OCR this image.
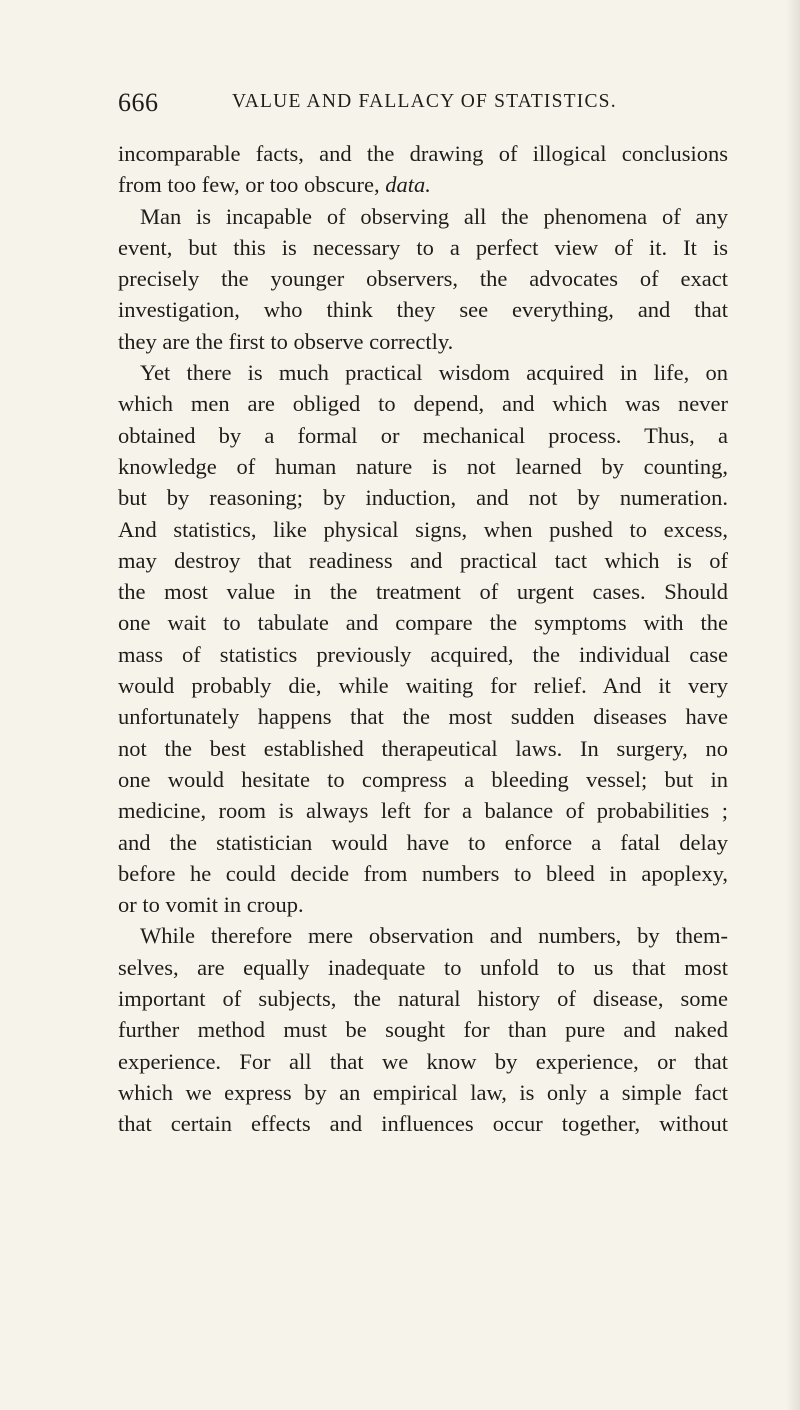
666	VALUE AND FALLACY OF STATISTICS.
incomparable facts, and the drawing of illogical conclusions
from too few, or too obscure, data.
Man is incapable of observing all the phenomena of any
event, but this is necessary to a perfect view of it. It is
precisely the younger observers, the advocates of exact
investigation, who think they see everything, and that
they are the first to observe correctly.
Yet there is much practical wisdom acquired in life, on
which men are obliged to depend, and which was never
obtained by a formal or mechanical process. Thus, a
knowledge of human nature is not learned by counting,
but by reasoning; by induction, and not by numeration.
And statistics, like physical signs, when pushed to excess,
may destroy that readiness and practical tact which is of
the most value in the treatment of urgent cases. Should
one wait to tabulate and compare the symptoms with the
mass of statistics previously acquired, the individual case
would probably die, while waiting for relief. And it very
unfortunately happens that the most sudden diseases have
not the best established therapeutical laws. In surgery, no
one would hesitate to compress a bleeding vessel; but in
medicine, room is always left for a balance of probabilities ;
and the statistician would have to enforce a fatal delay
before he could decide from numbers to bleed in apoplexy,
or to vomit in croup.
While therefore mere observation and numbers, by them-
selves, are equally inadequate to unfold to us that most
important of subjects, the natural history of disease, some
further method must be sought for than pure and naked
experience. For all that we know by experience, or that
which we express by an empirical law, is only a simple fact
that certain effects and influences occur together, without
